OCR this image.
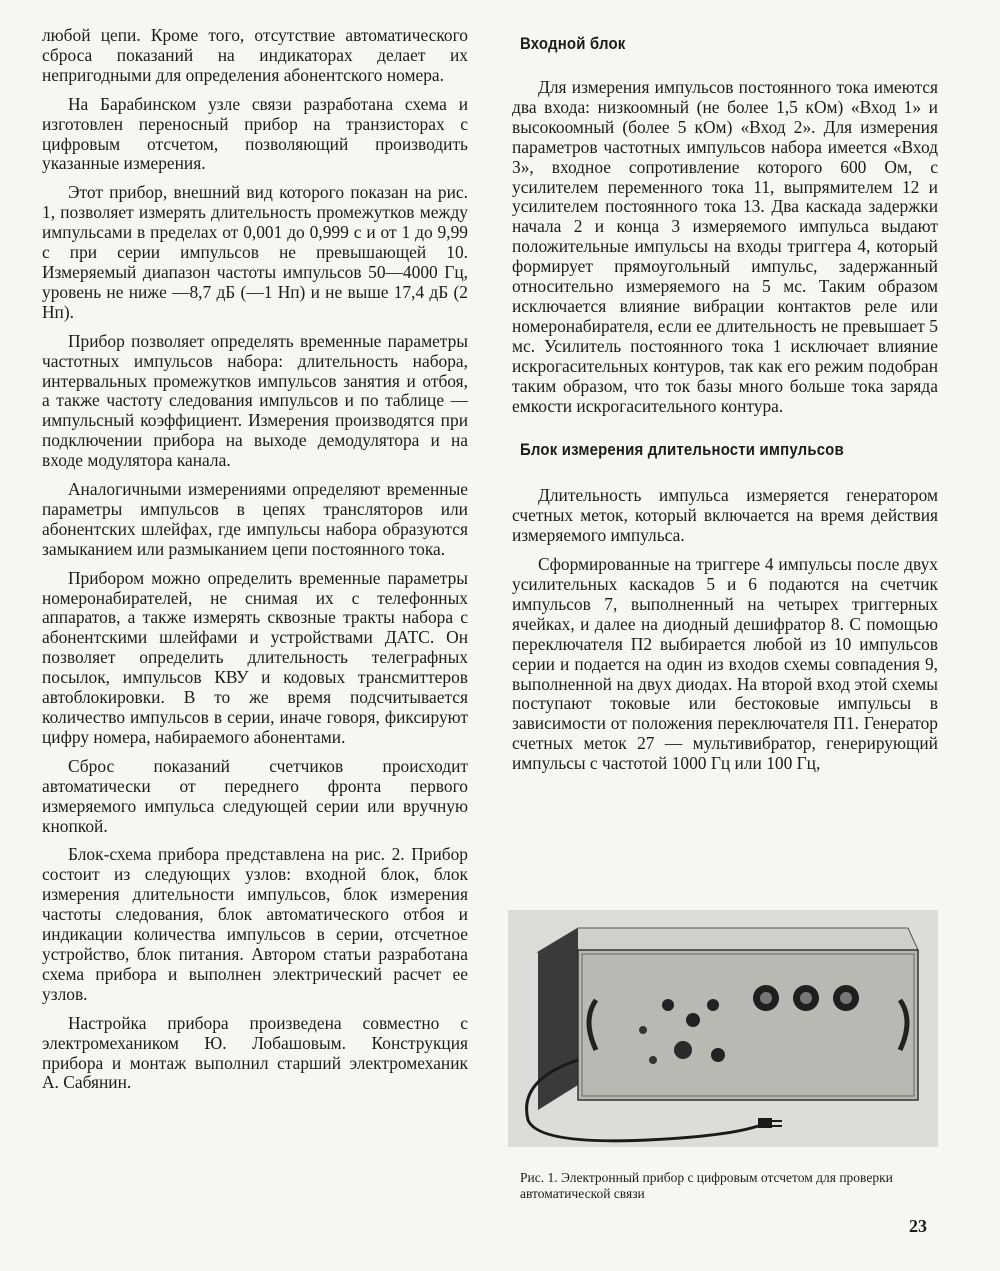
любой цепи. Кроме того, отсутствие автоматического сброса показаний на индикаторах делает их непригодными для определения абонентского номера.

На Барабинском узле связи разработана схема и изготовлен переносный прибор на транзисторах с цифровым отсчетом, позволяющий производить указанные измерения.

Этот прибор, внешний вид которого показан на рис. 1, позволяет измерять длительность промежутков между импульсами в пределах от 0,001 до 0,999 с и от 1 до 9,99 с при серии импульсов не превышающей 10. Измеряемый диапазон частоты импульсов 50—4000 Гц, уровень не ниже —8,7 дБ (—1 Нп) и не выше 17,4 дБ (2 Нп).

Прибор позволяет определять временные параметры частотных импульсов набора: длительность набора, интервальных промежутков импульсов занятия и отбоя, а также частоту следования импульсов и по таблице — импульсный коэффициент. Измерения производятся при подключении прибора на выходе демодулятора и на входе модулятора канала.

Аналогичными измерениями определяют временные параметры импульсов в цепях трансляторов или абонентских шлейфах, где импульсы набора образуются замыканием или размыканием цепи постоянного тока.

Прибором можно определить временные параметры номеронабирателей, не снимая их с телефонных аппаратов, а также измерять сквозные тракты набора с абонентскими шлейфами и устройствами ДАТС. Он позволяет определить длительность телеграфных посылок, импульсов КВУ и кодовых трансмиттеров автоблокировки. В то же время подсчитывается количество импульсов в серии, иначе говоря, фиксируют цифру номера, набираемого абонентами.

Сброс показаний счетчиков происходит автоматически от переднего фронта первого измеряемого импульса следующей серии или вручную кнопкой.

Блок-схема прибора представлена на рис. 2. Прибор состоит из следующих узлов: входной блок, блок измерения длительности импульсов, блок измерения частоты следования, блок автоматического отбоя и индикации количества импульсов в серии, отсчетное устройство, блок питания. Автором статьи разработана схема прибора и выполнен электрический расчет ее узлов.

Настройка прибора произведена совместно с электромехаником Ю. Лобашовым. Конструкция прибора и монтаж выполнил старший электромеханик А. Сабянин.

Входной блок

Для измерения импульсов постоянного тока имеются два входа: низкоомный (не более 1,5 кОм) «Вход 1» и высокоомный (более 5 кОм) «Вход 2». Для измерения параметров частотных импульсов набора имеется «Вход 3», входное сопротивление которого 600 Ом, с усилителем переменного тока 11, выпрямителем 12 и усилителем постоянного тока 13. Два каскада задержки начала 2 и конца 3 измеряемого импульса выдают положительные импульсы на входы триггера 4, который формирует прямоугольный импульс, задержанный относительно измеряемого на 5 мс. Таким образом исключается влияние вибрации контактов реле или номеронабирателя, если ее длительность не превышает 5 мс. Усилитель постоянного тока 1 исключает влияние искрогасительных контуров, так как его режим подобран таким образом, что ток базы много больше тока заряда емкости искрогасительного контура.

Блок измерения длительности импульсов

Длительность импульса измеряется генератором счетных меток, который включается на время действия измеряемого импульса.

Сформированные на триггере 4 импульсы после двух усилительных каскадов 5 и 6 подаются на счетчик импульсов 7, выполненный на четырех триггерных ячейках, и далее на диодный дешифратор 8. С помощью переключателя П2 выбирается любой из 10 импульсов серии и подается на один из входов схемы совпадения 9, выполненной на двух диодах. На второй вход этой схемы поступают токовые или бестоковые импульсы в зависимости от положения переключателя П1. Генератор счетных меток 27 — мультивибратор, генерирующий импульсы с частотой 1000 Гц или 100 Гц,

Рис. 1. Электронный прибор с цифровым отсчетом для проверки автоматической связи
23
